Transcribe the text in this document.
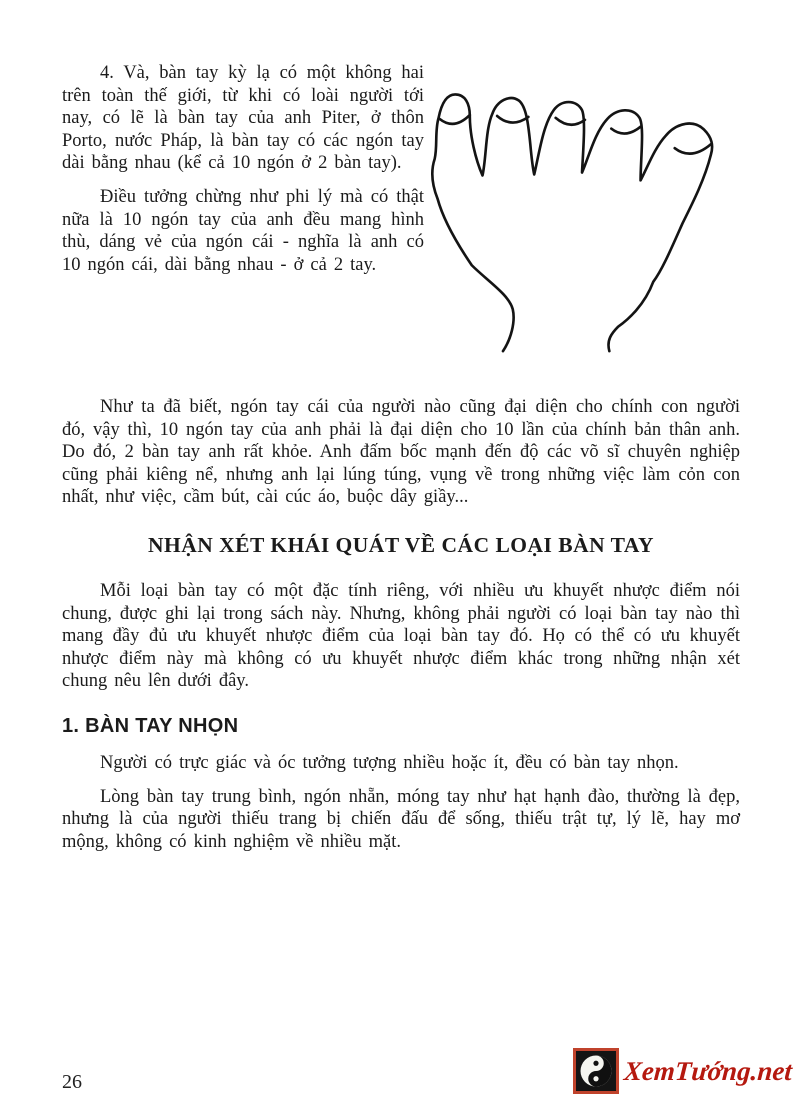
4. Và, bàn tay kỳ lạ có một không hai trên toàn thế giới, từ khi có loài người tới nay, có lẽ là bàn tay của anh Piter, ở thôn Porto, nước Pháp, là bàn tay có các ngón tay dài bằng nhau (kể cả 10 ngón ở 2 bàn tay).

Điều tưởng chừng như phi lý mà có thật nữa là 10 ngón tay của anh đều mang hình thù, dáng vẻ của ngón cái - nghĩa là anh có 10 ngón cái, dài bằng nhau - ở cả 2 tay.

Như ta đã biết, ngón tay cái của người nào cũng đại diện cho chính con người đó, vậy thì, 10 ngón tay của anh phải là đại diện cho 10 lần của chính bản thân anh. Do đó, 2 bàn tay anh rất khỏe. Anh đấm bốc mạnh đến độ các võ sĩ chuyên nghiệp cũng phải kiêng nể, nhưng anh lại lúng túng, vụng về trong những việc làm cỏn con nhất, như việc, cầm bút, cài cúc áo, buộc dây giầy...

NHẬN XÉT KHÁI QUÁT VỀ CÁC LOẠI BÀN TAY

Mỗi loại bàn tay có một đặc tính riêng, với nhiều ưu khuyết nhược điểm nói chung, được ghi lại trong sách này. Nhưng, không phải người có loại bàn tay nào thì mang đầy đủ ưu khuyết nhược điểm của loại bàn tay đó. Họ có thể có ưu khuyết nhược điểm này mà không có ưu khuyết nhược điểm khác trong những nhận xét chung nêu lên dưới đây.

1. BÀN TAY NHỌN

Người có trực giác và óc tưởng tượng nhiều hoặc ít, đều có bàn tay nhọn.

Lòng bàn tay trung bình, ngón nhẵn, móng tay như hạt hạnh đào, thường là đẹp, nhưng là của người thiếu trang bị chiến đấu để sống, thiếu trật tự, lý lẽ, hay mơ mộng, không có kinh nghiệm về nhiều mặt.

26	XemTướng.net
